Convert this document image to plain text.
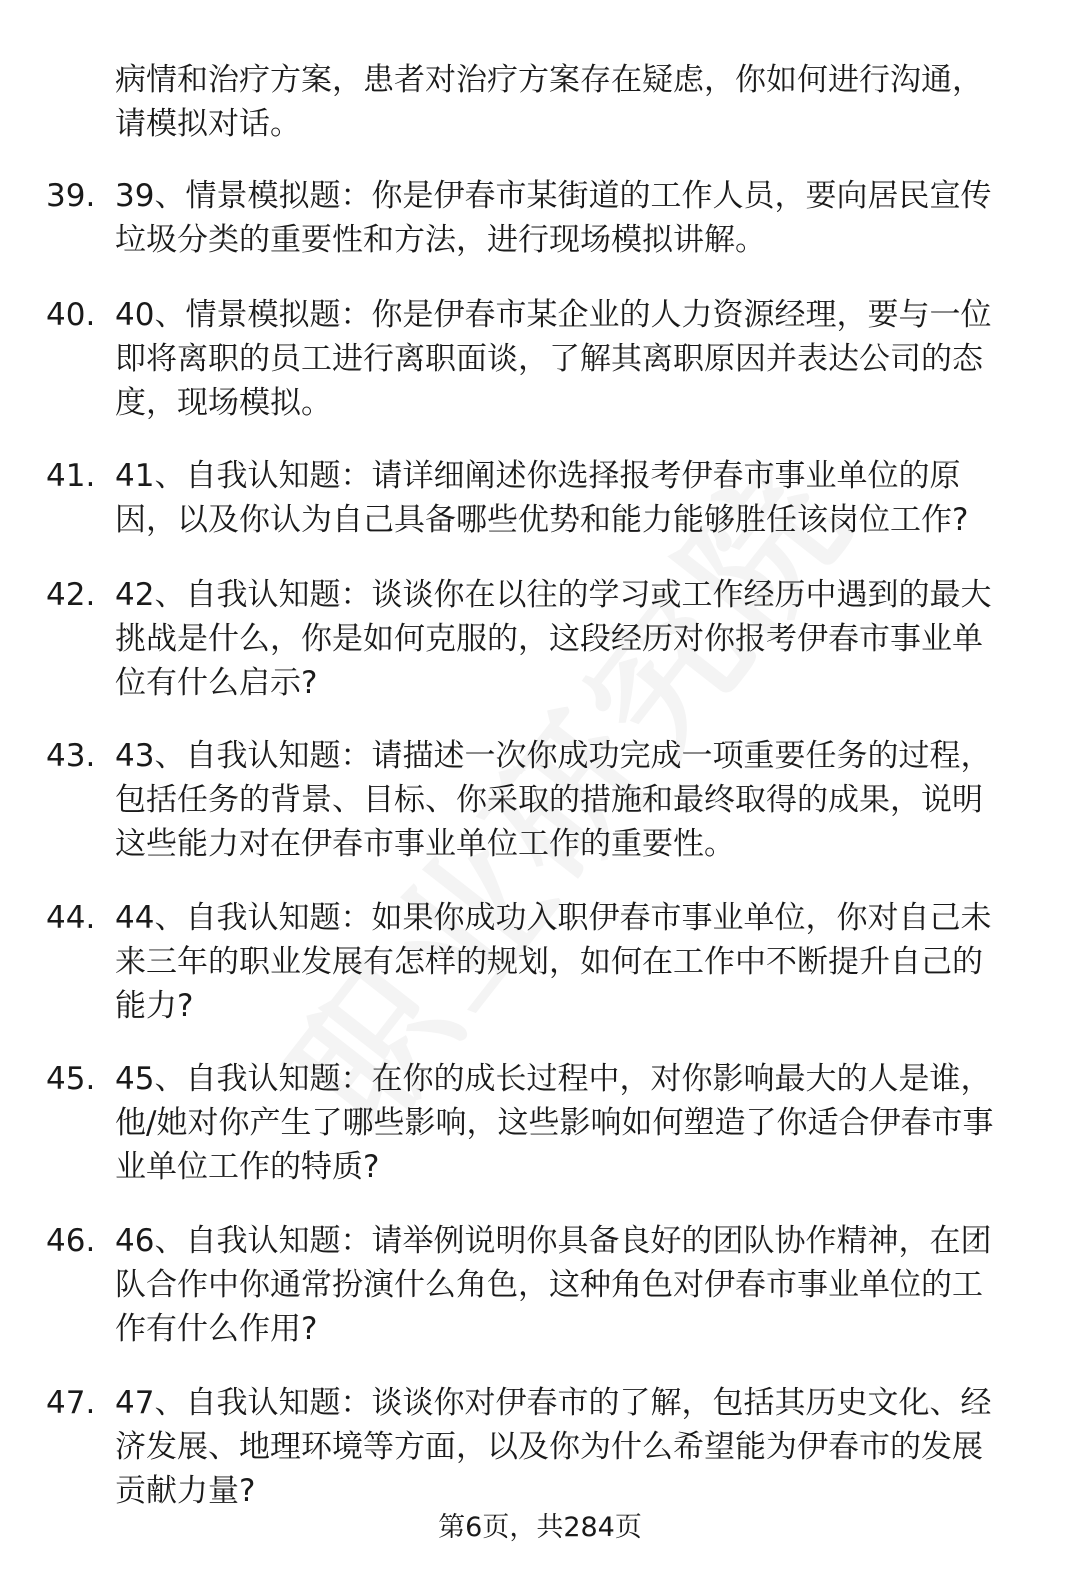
病情和治疗方案，患者对治疗方案存在疑虑，你如何进行沟通，
请模拟对话。
39. 39、情景模拟题：你是伊春市某街道的工作人员，要向居民宣传
垃圾分类的重要性和方法，进行现场模拟讲解。
40. 40、情景模拟题：你是伊春市某企业的人力资源经理，要与一位
即将离职的员工进行离职面谈，了解其离职原因并表达公司的态
度，现场模拟。
41. 41、自我认知题：请详细阐述你选择报考伊春市事业单位的原
因，以及你认为自己具备哪些优势和能力能够胜任该岗位工作?
42. 42、自我认知题：谈谈你在以往的学习或工作经历中遇到的最大
挑战是什么，你是如何克服的，这段经历对你报考伊春市事业单
位有什么启示?
43. 43、自我认知题：请描述一次你成功完成一项重要任务的过程，
包括任务的背景、目标、你采取的措施和最终取得的成果，说明
这些能力对在伊春市事业单位工作的重要性。
44. 44、自我认知题：如果你成功入职伊春市事业单位，你对自己未
来三年的职业发展有怎样的规划，如何在工作中不断提升自己的
能力?
45. 45、自我认知题：在你的成长过程中，对你影响最大的人是谁，
他/她对你产生了哪些影响，这些影响如何塑造了你适合伊春市事
业单位工作的特质?
46. 46、自我认知题：请举例说明你具备良好的团队协作精神，在团
队合作中你通常扮演什么角色，这种角色对伊春市事业单位的工
作有什么作用?
47. 47、自我认知题：谈谈你对伊春市的了解，包括其历史文化、经
济发展、地理环境等方面，以及你为什么希望能为伊春市的发展
贡献力量?
第6页，共284页
